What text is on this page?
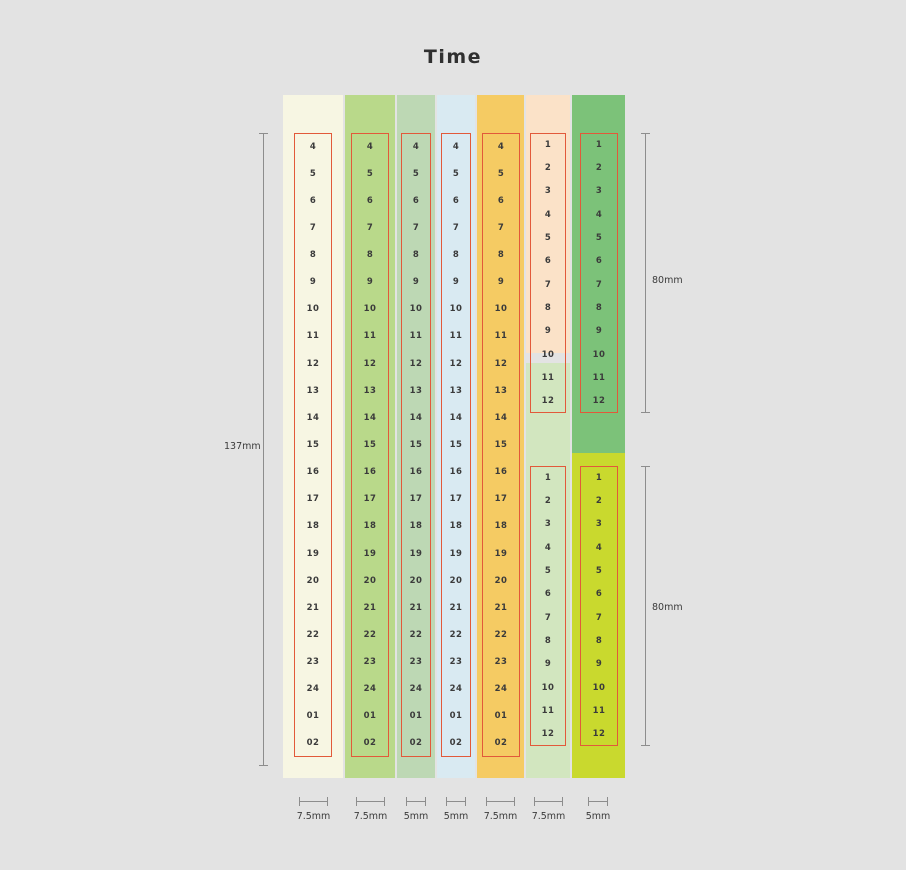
Time
4
5
6
7
8
9
10
11
12
13
14
15
16
17
18
19
20
21
22
23
24
01
02
4
5
6
7
8
9
10
11
12
13
14
15
16
17
18
19
20
21
22
23
24
01
02
4
5
6
7
8
9
10
11
12
13
14
15
16
17
18
19
20
21
22
23
24
01
02
4
5
6
7
8
9
10
11
12
13
14
15
16
17
18
19
20
21
22
23
24
01
02
4
5
6
7
8
9
10
11
12
13
14
15
16
17
18
19
20
21
22
23
24
01
02
1
2
3
4
5
6
7
8
9
10
11
12
1
2
3
4
5
6
7
8
9
10
11
12
1
2
3
4
5
6
7
8
9
10
11
12
1
2
3
4
5
6
7
8
9
10
11
12
137mm
80mm
80mm
7.5mm	7.5mm	5mm	5mm	7.5mm	7.5mm	5mm
